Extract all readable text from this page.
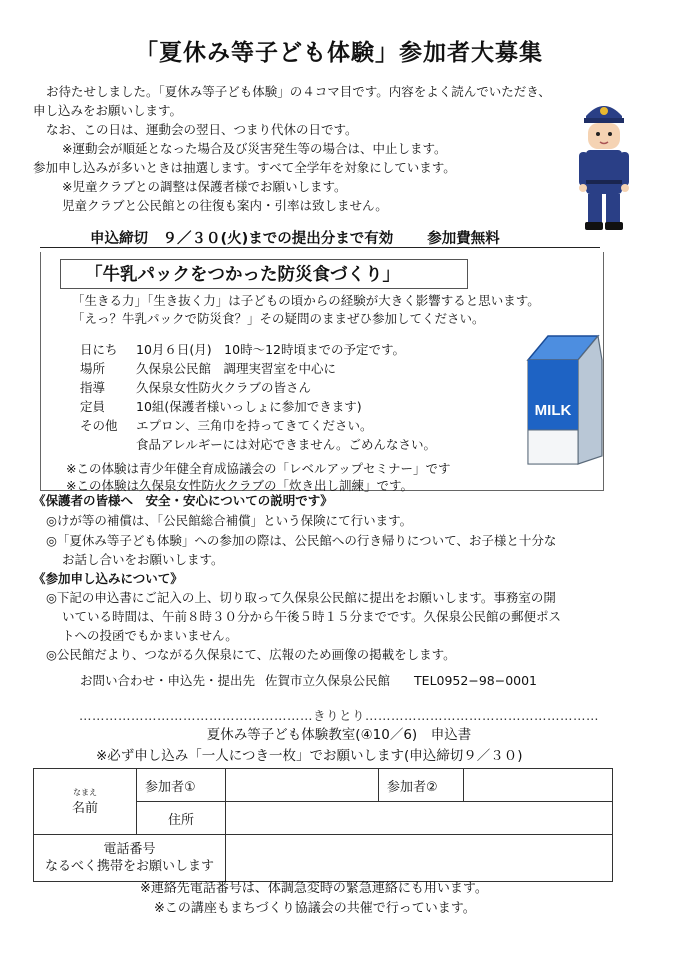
「夏休み等子ども体験」参加者大募集
お待たせしました。「夏休み等子ども体験」の４コマ目です。内容をよく読んでいただき、
申し込みをお願いします。
なお、この日は、運動会の翌日、つまり代休の日です。
※運動会が順延となった場合及び災害発生等の場合は、中止します。
参加申し込みが多いときは抽選します。すべて全学年を対象にしています。
※児童クラブとの調整は保護者様でお願いします。
児童クラブと公民館との往復も案内・引率は致しません。
申込締切　９／３０(火)までの提出分まで有効 参加費無料
「牛乳パックをつかった防災食づくり」
「生きる力」「生き抜く力」は子どもの頃からの経験が大きく影響すると思います。
「えっ？牛乳パックで防災食？」その疑問のままぜひ参加してください。
日にち 10月６日(月)　10時～12時頃までの予定です。
場所 久保泉公民館　調理実習室を中心に
指導 久保泉女性防火クラブの皆さん
定員 10組(保護者様いっしょに参加できます)
その他 エプロン、三角巾を持ってきてください。
食品アレルギーには対応できません。ごめんなさい。
※この体験は青少年健全育成協議会の「レベルアップセミナー」です
※この体験は久保泉女性防火クラブの「炊き出し訓練」です。
MILK
《保護者の皆様へ　安全・安心についての説明です》
◎けが等の補償は、「公民館総合補償」という保険にて行います。
◎「夏休み等子ども体験」への参加の際は、公民館への行き帰りについて、お子様と十分な
お話し合いをお願いします。
《参加申し込みについて》
◎下記の申込書にご記入の上、切り取って久保泉公民館に提出をお願いします。事務室の開
いている時間は、午前８時３０分から午後５時１５分までです。久保泉公民館の郵便ポス
トへの投函でもかまいません。
◎公民館だより、つながる久保泉にて、広報のため画像の掲載をします。
お問い合わせ・申込先・提出先 佐賀市立久保泉公民館 TEL0952−98−0001
………………………………………………きりとり………………………………………………
夏休み等子ども体験教室(④10／6)　申込書
※必ず申し込み「一人につき一枚」でお願いします(申込締切９／３０)
なまえ
名前	参加者①		参加者②	
	住所			

電話番号
なるべく携帯をお願いします				

※連絡先電話番号は、体調急変時の緊急連絡にも用います。
※この講座もまちづくり協議会の共催で行っています。
